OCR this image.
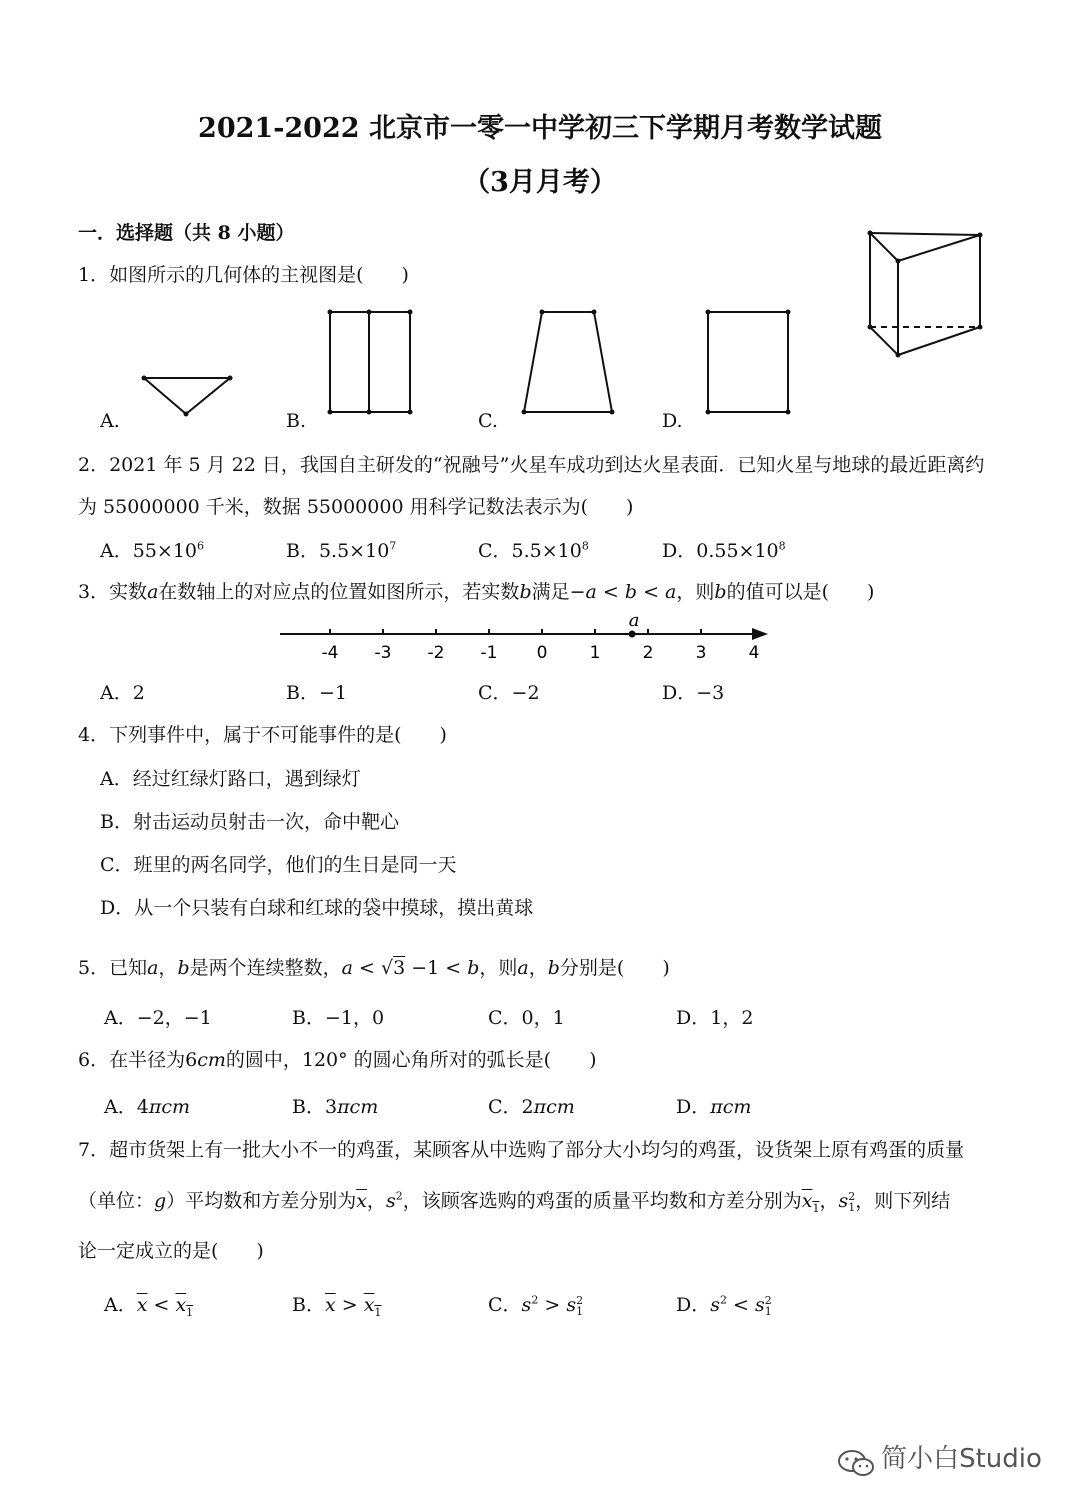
2021-2022 北京市一零一中学初三下学期月考数学试题
（3月月考）
一．选择题（共 8 小题）
1．如图所示的几何体的主视图是(　　)
A.	B.	C.	D.
2．2021 年 5 月 22 日，我国自主研发的“祝融号”火星车成功到达火星表面．已知火星与地球的最近距离约
为 55000000 千米，数据 55000000 用科学记数法表示为(　　)
A．$55\times 10^6$	B．$5.5\times 10^7$	C．$5.5\times 10^8$	D．$0.55\times 10^8$
3．实数a在数轴上的对应点的位置如图所示，若实数b满足−a < b < a，则b的值可以是(　　)
-4 -3 -2 -1 0 1 2 3 4
a
A．2	B．−1	C．−2	D．−3
4．下列事件中，属于不可能事件的是(　　)
A．经过红绿灯路口，遇到绿灯
B．射击运动员射击一次，命中靶心
C．班里的两名同学，他们的生日是同一天
D．从一个只装有白球和红球的袋中摸球，摸出黄球
5．已知a，b是两个连续整数，a < √3 −1 < b，则a，b分别是(　　)
A．−2，−1	B．−1，0	C．0，1	D．1，2
6．在半径为6cm的圆中，120° 的圆心角所对的弧长是(　　)
A．4πcm	B．3πcm	C．2πcm	D．πcm
7．超市货架上有一批大小不一的鸡蛋，某顾客从中选购了部分大小均匀的鸡蛋，设货架上原有鸡蛋的质量
（单位：g）平均数和方差分别为$\overline{x}$，$s^2$，该顾客选购的鸡蛋的质量平均数和方差分别为$x_1$，s 2
1 ，则下列结
论一定成立的是(　　)
A．$\overline{x} < x_1$	B．$\overline{x} > x_1$	C．$s^2 > s$ 2
1	D．$s^2 < s$ 2
1
简小白Studio
